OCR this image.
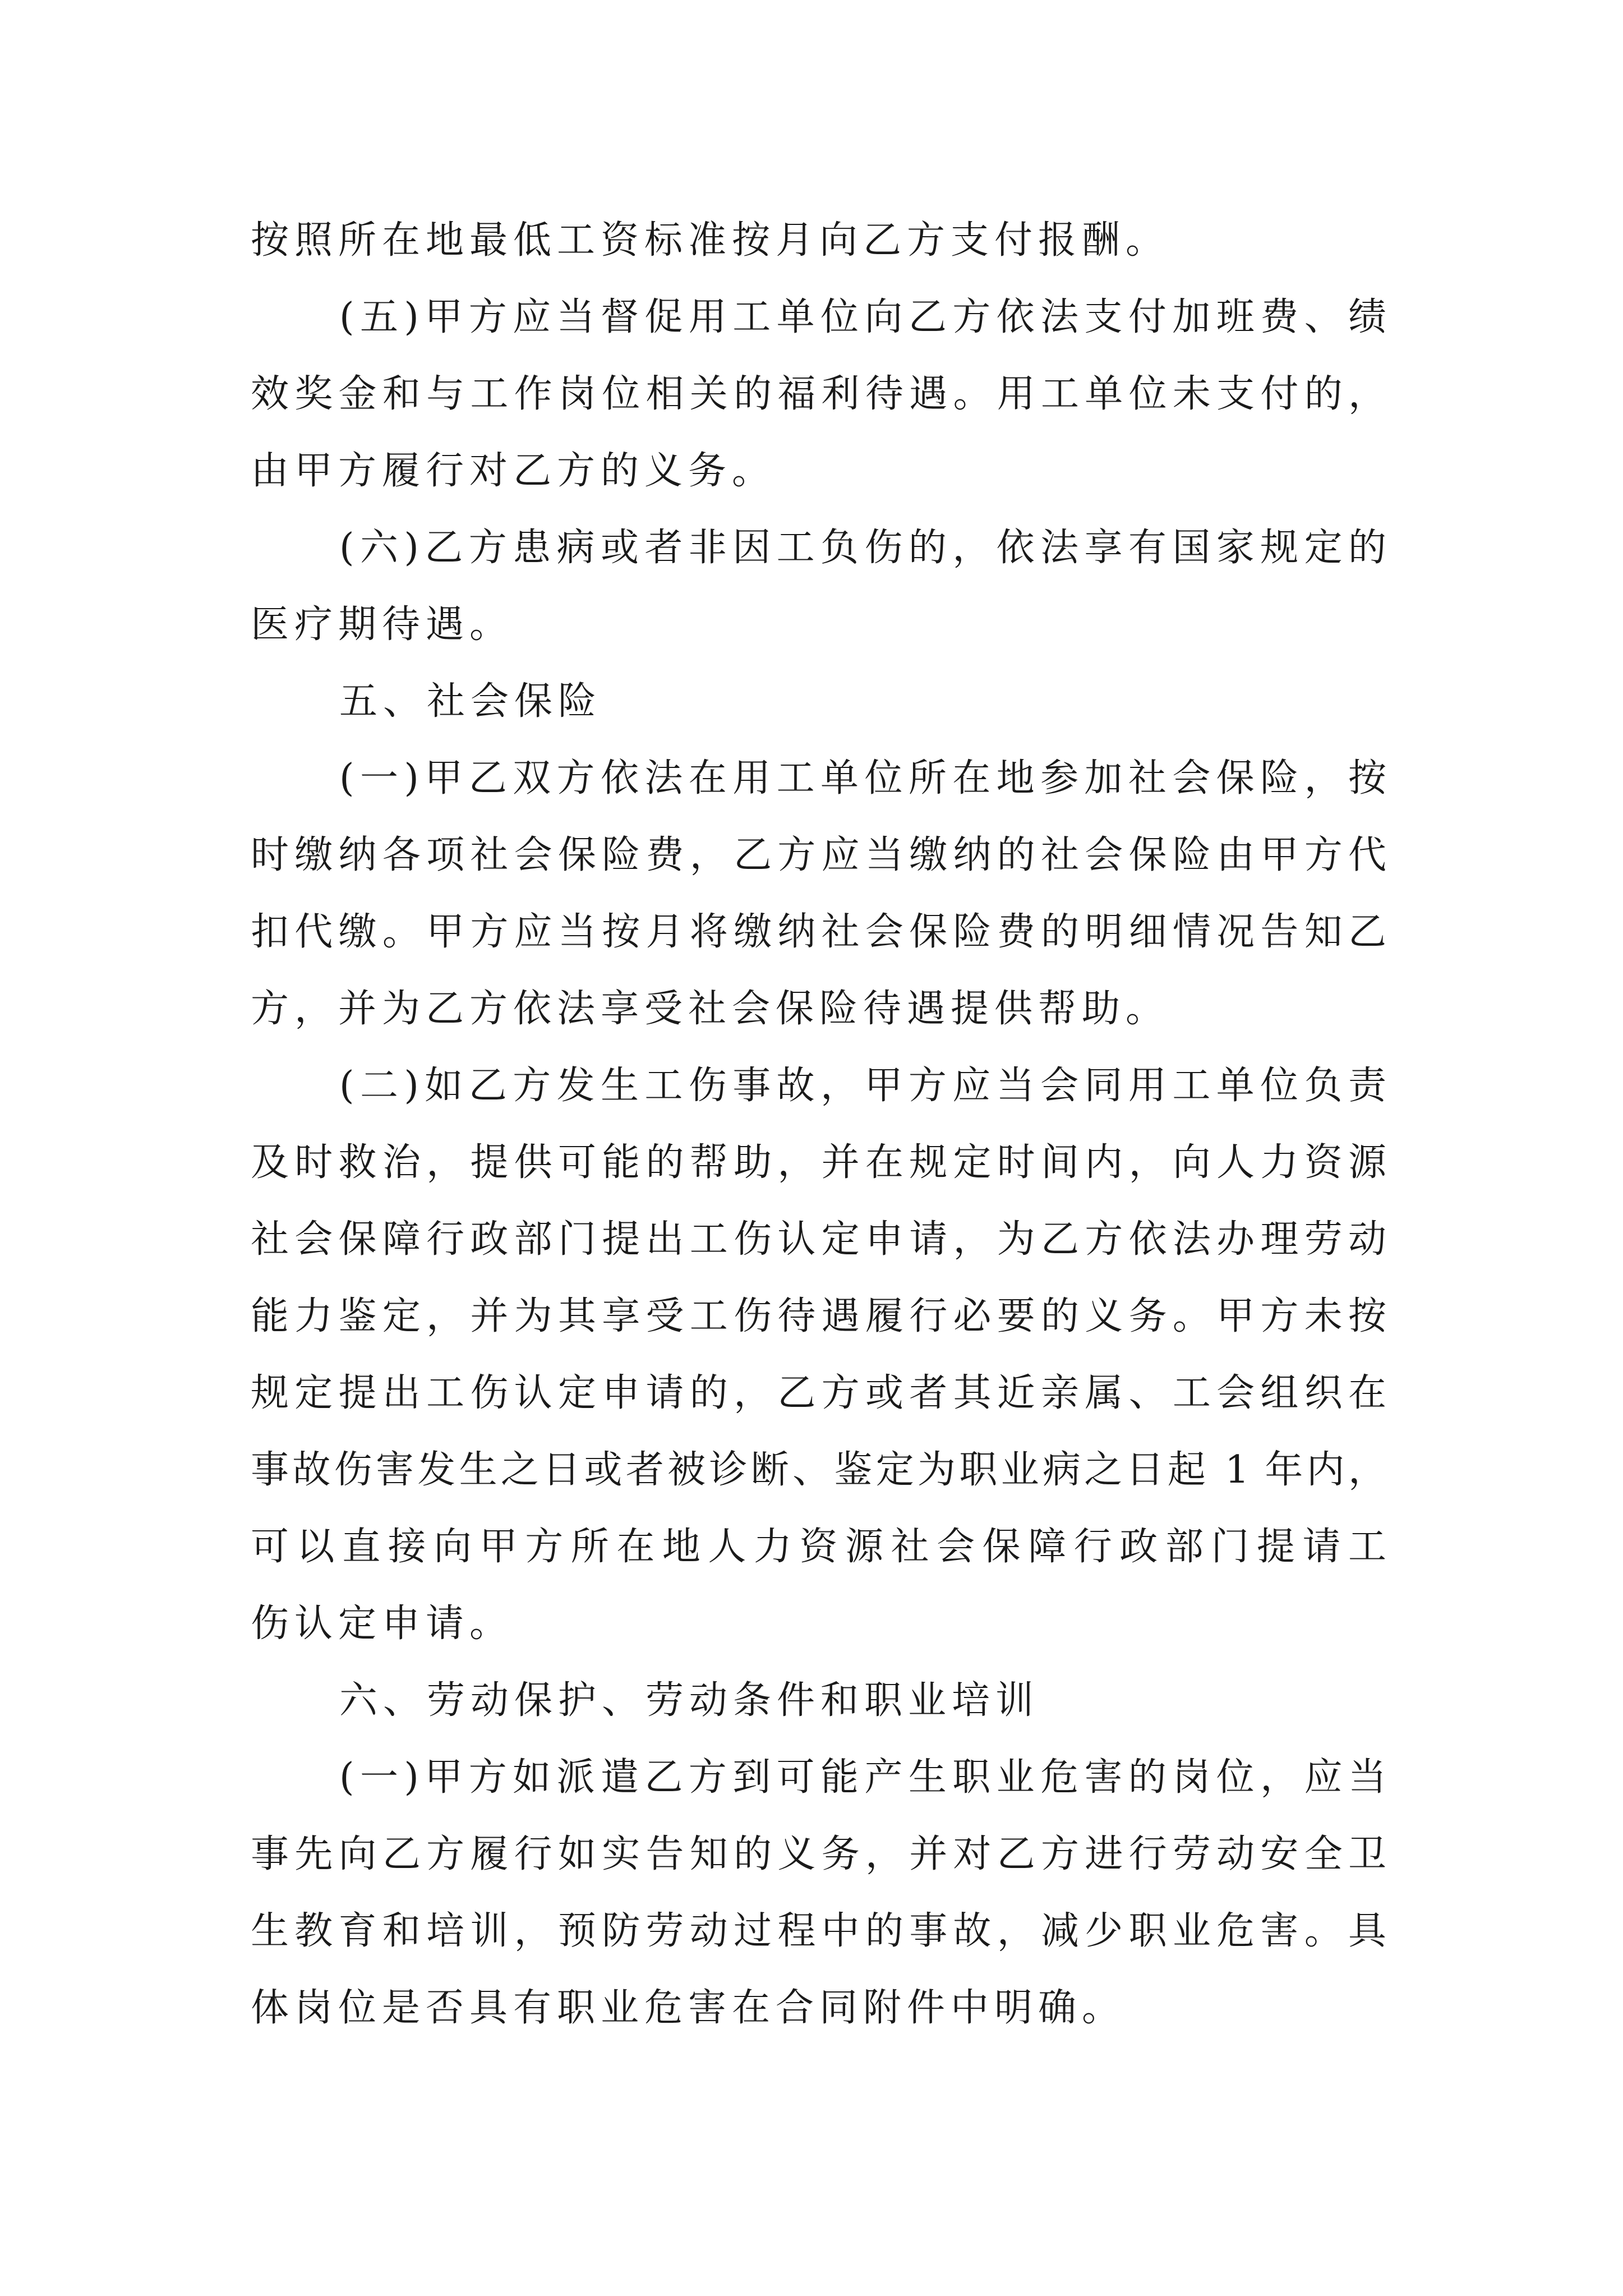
按照所在地最低工资标准按月向乙方支付报酬。
(五)甲方应当督促用工单位向乙方依法支付加班费、绩
效奖金和与工作岗位相关的福利待遇。用工单位未支付的，
由甲方履行对乙方的义务。
(六)乙方患病或者非因工负伤的，依法享有国家规定的
医疗期待遇。
五、社会保险
(一)甲乙双方依法在用工单位所在地参加社会保险，按
时缴纳各项社会保险费，乙方应当缴纳的社会保险由甲方代
扣代缴。甲方应当按月将缴纳社会保险费的明细情况告知乙
方，并为乙方依法享受社会保险待遇提供帮助。
(二)如乙方发生工伤事故，甲方应当会同用工单位负责
及时救治，提供可能的帮助，并在规定时间内，向人力资源
社会保障行政部门提出工伤认定申请，为乙方依法办理劳动
能力鉴定，并为其享受工伤待遇履行必要的义务。甲方未按
规定提出工伤认定申请的，乙方或者其近亲属、工会组织在
事故伤害发生之日或者被诊断、鉴定为职业病之日起 1 年内，
可以直接向甲方所在地人力资源社会保障行政部门提请工
伤认定申请。
六、劳动保护、劳动条件和职业培训
(一)甲方如派遣乙方到可能产生职业危害的岗位，应当
事先向乙方履行如实告知的义务，并对乙方进行劳动安全卫
生教育和培训，预防劳动过程中的事故，减少职业危害。具
体岗位是否具有职业危害在合同附件中明确。
